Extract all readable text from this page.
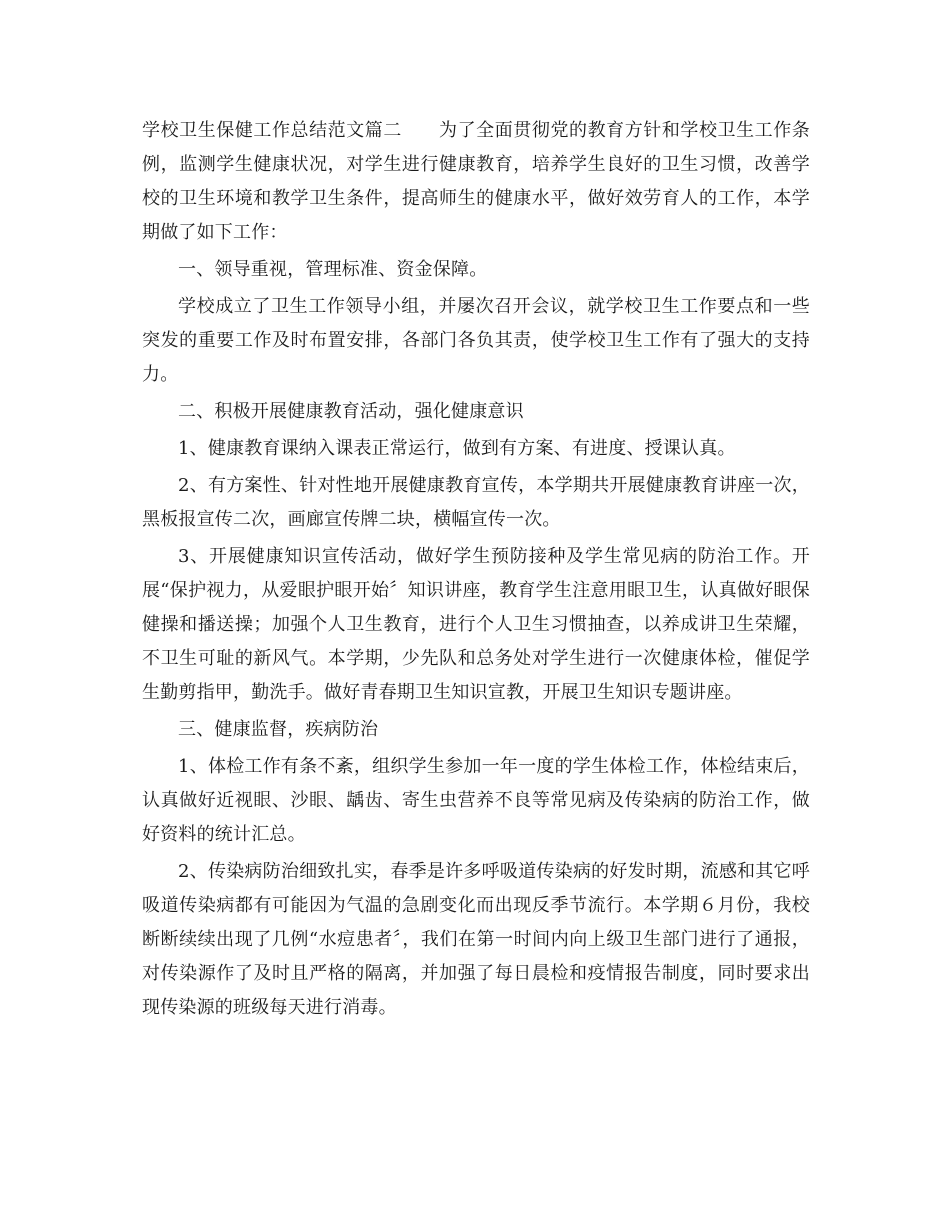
学校卫生保健工作总结范文篇二　　为了全面贯彻党的教育方针和学校卫生工作条例，监测学生健康状况，对学生进行健康教育，培养学生良好的卫生习惯，改善学校的卫生环境和教学卫生条件，提高师生的健康水平，做好效劳育人的工作，本学期做了如下工作：

一、领导重视，管理标准、资金保障。

学校成立了卫生工作领导小组，并屡次召开会议，就学校卫生工作要点和一些突发的重要工作及时布置安排，各部门各负其责，使学校卫生工作有了强大的支持力。

二、积极开展健康教育活动，强化健康意识

1、健康教育课纳入课表正常运行，做到有方案、有进度、授课认真。

2、有方案性、针对性地开展健康教育宣传，本学期共开展健康教育讲座一次，黑板报宣传二次，画廊宣传牌二块，横幅宣传一次。

3、开展健康知识宣传活动，做好学生预防接种及学生常见病的防治工作。开展“保护视力，从爱眼护眼开始〞知识讲座，教育学生注意用眼卫生，认真做好眼保健操和播送操；加强个人卫生教育，进行个人卫生习惯抽查，以养成讲卫生荣耀，不卫生可耻的新风气。本学期，少先队和总务处对学生进行一次健康体检，催促学生勤剪指甲，勤洗手。做好青春期卫生知识宣教，开展卫生知识专题讲座。

三、健康监督，疾病防治

1、体检工作有条不紊，组织学生参加一年一度的学生体检工作，体检结束后，认真做好近视眼、沙眼、龋齿、寄生虫营养不良等常见病及传染病的防治工作，做好资料的统计汇总。

2、传染病防治细致扎实，春季是许多呼吸道传染病的好发时期，流感和其它呼吸道传染病都有可能因为气温的急剧变化而出现反季节流行。本学期６月份，我校断断续续出现了几例“水痘患者〞，我们在第一时间内向上级卫生部门进行了通报，对传染源作了及时且严格的隔离，并加强了每日晨检和疫情报告制度，同时要求出现传染源的班级每天进行消毒。
